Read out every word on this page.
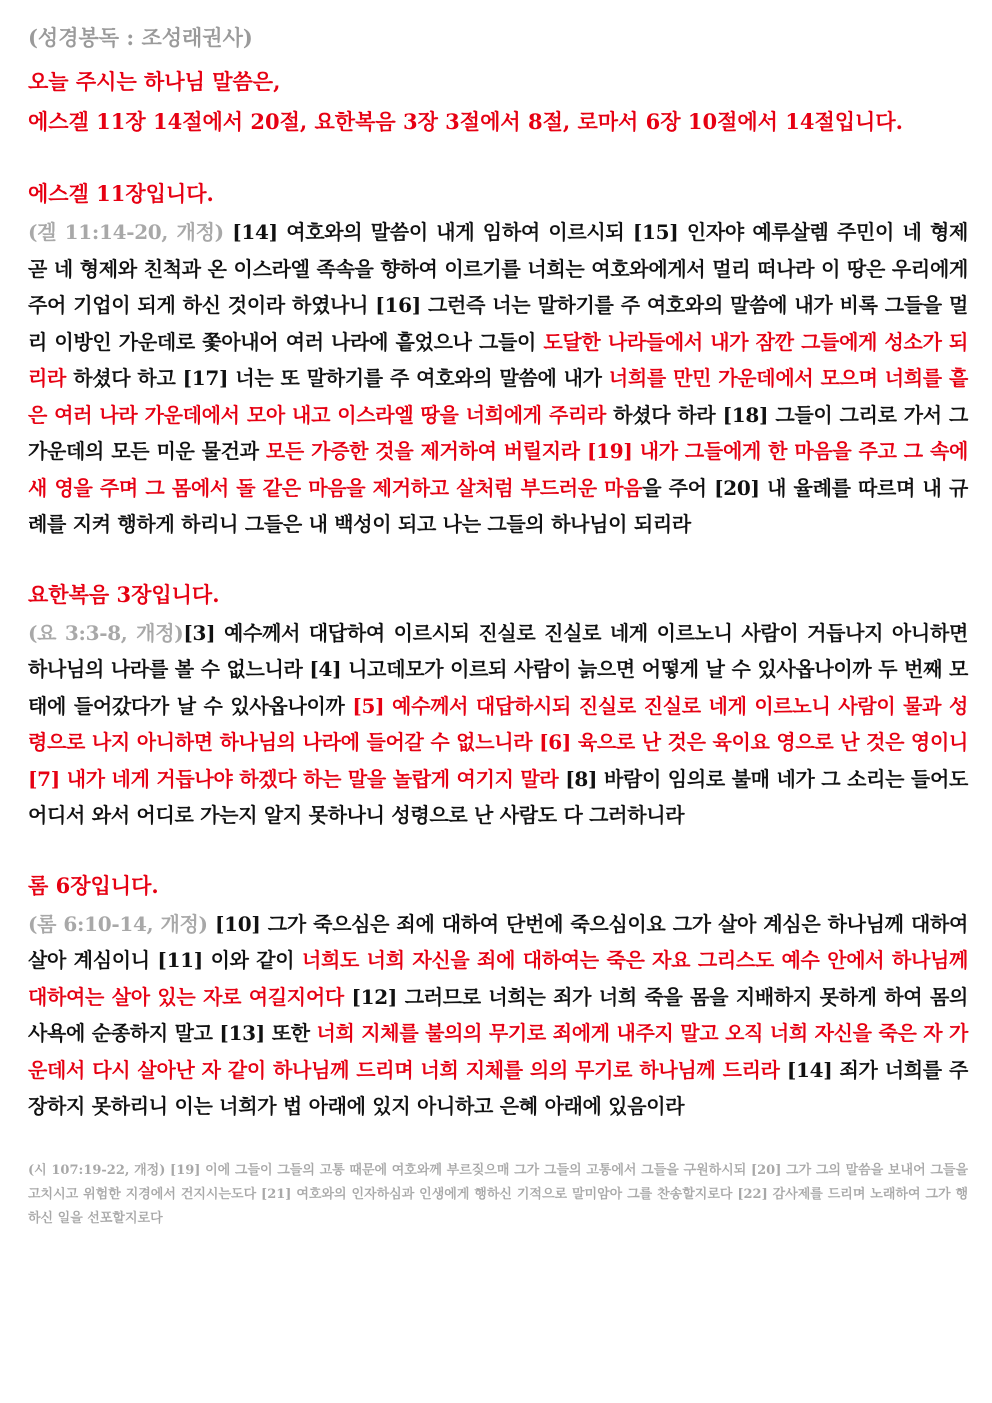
(성경봉독 : 조성래권사)
오늘 주시는 하나님 말씀은,
에스겔 11장 14절에서 20절, 요한복음 3장 3절에서 8절, 로마서 6장 10절에서 14절입니다.
에스겔 11장입니다.
(겔 11:14-20, 개정) [14] 여호와의 말씀이 내게 임하여 이르시되 [15] 인자야 예루살렘 주민이 네 형제 곧 네 형제와 친척과 온 이스라엘 족속을 향하여 이르기를 너희는 여호와에게서 멀리 떠나라 이 땅은 우리에게 주어 기업이 되게 하신 것이라 하였나니 [16] 그런즉 너는 말하기를 주 여호와의 말씀에 내가 비록 그들을 멀리 이방인 가운데로 쫓아내어 여러 나라에 흩었으나 그들이 도달한 나라들에서 내가 잠깐 그들에게 성소가 되리라 하셨다 하고 [17] 너는 또 말하기를 주 여호와의 말씀에 내가 너희를 만민 가운데에서 모으며 너희를 흩은 여러 나라 가운데에서 모아 내고 이스라엘 땅을 너희에게 주리라 하셨다 하라 [18] 그들이 그리로 가서 그 가운데의 모든 미운 물건과 모든 가증한 것을 제거하여 버릴지라 [19] 내가 그들에게 한 마음을 주고 그 속에 새 영을 주며 그 몸에서 돌 같은 마음을 제거하고 살처럼 부드러운 마음을 주어 [20] 내 율례를 따르며 내 규례를 지켜 행하게 하리니 그들은 내 백성이 되고 나는 그들의 하나님이 되리라
요한복음 3장입니다.
(요 3:3-8, 개정)[3] 예수께서 대답하여 이르시되 진실로 진실로 네게 이르노니 사람이 거듭나지 아니하면 하나님의 나라를 볼 수 없느니라 [4] 니고데모가 이르되 사람이 늙으면 어떻게 날 수 있사옵나이까 두 번째 모태에 들어갔다가 날 수 있사옵나이까 [5] 예수께서 대답하시되 진실로 진실로 네게 이르노니 사람이 물과 성령으로 나지 아니하면 하나님의 나라에 들어갈 수 없느니라 [6] 육으로 난 것은 육이요 영으로 난 것은 영이니 [7] 내가 네게 거듭나야 하겠다 하는 말을 놀랍게 여기지 말라 [8] 바람이 임의로 불매 네가 그 소리는 들어도 어디서 와서 어디로 가는지 알지 못하나니 성령으로 난 사람도 다 그러하니라
롬 6장입니다.
(롬 6:10-14, 개정) [10] 그가 죽으심은 죄에 대하여 단번에 죽으심이요 그가 살아 계심은 하나님께 대하여 살아 계심이니 [11] 이와 같이 너희도 너희 자신을 죄에 대하여는 죽은 자요 그리스도 예수 안에서 하나님께 대하여는 살아 있는 자로 여길지어다 [12] 그러므로 너희는 죄가 너희 죽을 몸을 지배하지 못하게 하여 몸의 사욕에 순종하지 말고 [13] 또한 너희 지체를 불의의 무기로 죄에게 내주지 말고 오직 너희 자신을 죽은 자 가운데서 다시 살아난 자 같이 하나님께 드리며 너희 지체를 의의 무기로 하나님께 드리라 [14] 죄가 너희를 주장하지 못하리니 이는 너희가 법 아래에 있지 아니하고 은혜 아래에 있음이라
(시 107:19-22, 개정) [19] 이에 그들이 그들의 고통 때문에 여호와께 부르짖으매 그가 그들의 고통에서 그들을 구원하시되 [20] 그가 그의 말씀을 보내어 그들을 고치시고 위험한 지경에서 건지시는도다 [21] 여호와의 인자하심과 인생에게 행하신 기적으로 말미암아 그를 찬송할지로다 [22] 감사제를 드리며 노래하여 그가 행하신 일을 선포할지로다
